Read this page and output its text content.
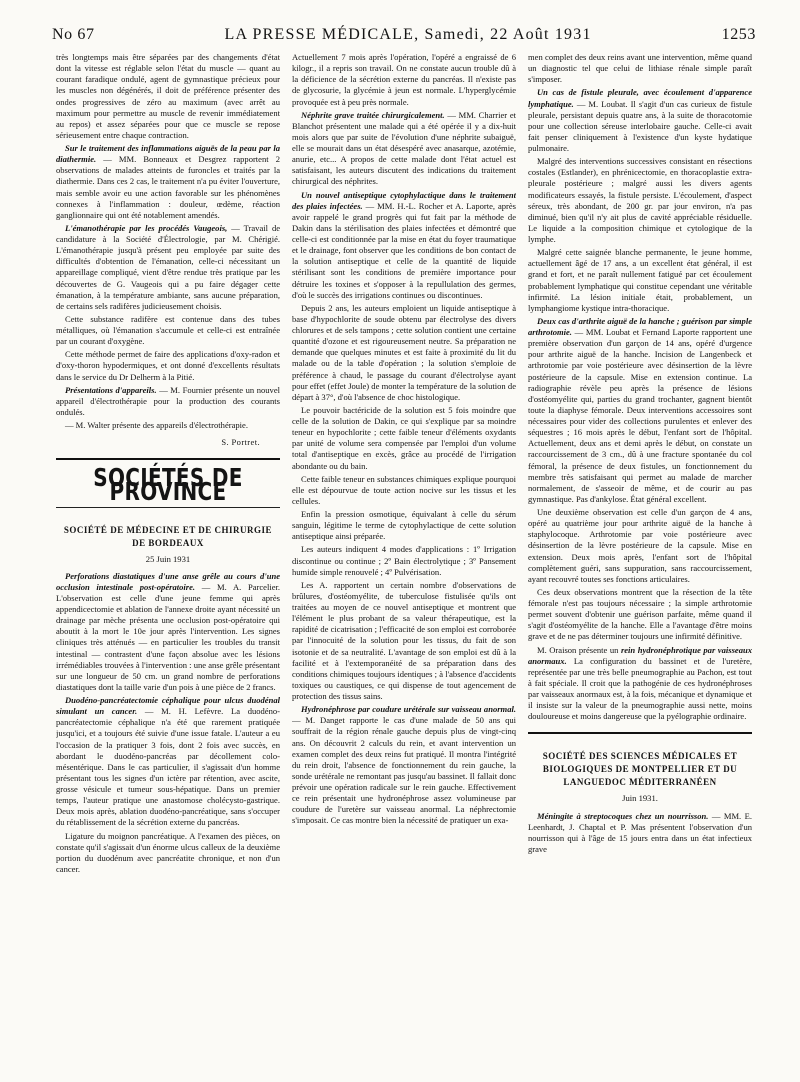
No 67	LA PRESSE MÉDICALE, Samedi, 22 Août 1931	1253

très longtemps mais être séparées par des changements d'état dont la vitesse est réglable selon l'état du muscle — quant au courant faradique ondulé, agent de gymnastique précieux pour les muscles non dégénérés, il doit de préférence présenter des ondes progressives de zéro au maximum (avec arrêt au maximum pour permettre au muscle de revenir immédiatement au repos) et assez séparées pour que ce muscle se repose sérieusement entre chaque contraction.

Sur le traitement des inflammations aiguës de la peau par la diathermie. — MM. Bonneaux et Desgrez rapportent 2 observations de malades atteints de furoncles et traités par la diathermie. Dans ces 2 cas, le traitement n'a pu éviter l'ouverture, mais semble avoir eu une action favorable sur les phénomènes connexes à l'inflammation : douleur, œdème, réaction ganglionnaire qui ont été notablement amendés.

L'émanothérapie par les procédés Vaugeois, — Travail de candidature à la Société d'Électrologie, par M. Chérigié. L'émanothérapie jusqu'à présent peu employée par suite des difficultés d'obtention de l'émanation, celle-ci nécessitant un appareillage compliqué, vient d'être rendue très pratique par les découvertes de G. Vaugeois qui a pu faire dégager cette émanation, à la température ambiante, sans aucune préparation, de certains sels radifères judicieusement choisis.

Cette substance radifère est contenue dans des tubes métalliques, où l'émanation s'accumule et celle-ci est entraînée par un courant d'oxygène.

Cette méthode permet de faire des applications d'oxy-radon et d'oxy-thoron hypodermiques, et ont donné d'excellents résultats dans le service du Dr Delherm à la Pitié.

Présentations d'appareils. — M. Fournier présente un nouvel appareil d'électrothérapie pour la production des courants ondulés.

— M. Walter présente des appareils d'électrothérapie.

S. Portret.
SOCIÉTÉS DE PROVINCE
SOCIÉTÉ DE MÉDECINE ET DE CHIRURGIE DE BORDEAUX
25 Juin 1931

Perforations diastatiques d'une anse grêle au cours d'une occlusion intestinale post-opératoire. — M. A. Parcelier. L'observation est celle d'une jeune femme qui après appendicectomie et ablation de l'annexe droite ayant nécessité un drainage par mèche présenta une occlusion post-opératoire qui aboutit à la mort le 10e jour après l'intervention. Les signes cliniques très atténués — en particulier les troubles du transit intestinal — contrastent d'une façon absolue avec les lésions irrémédiables trouvées à l'intervention : une anse grêle présentant sur une longueur de 50 cm. un grand nombre de perforations diastatiques dont la taille varie d'un pois à une pièce de 2 francs.

Duodéno-pancréatectomie céphalique pour ulcus duodénal simulant un cancer. — M. H. Lefèvre. La duodéno-pancréatectomie céphalique n'a été que rarement pratiquée jusqu'ici, et a toujours été suivie d'une issue fatale. L'auteur a eu l'occasion de la pratiquer 3 fois, dont 2 fois avec succès, en abordant le duodéno-pancréas par décollement colo-mésentérique. Dans le cas particulier, il s'agissait d'un homme présentant tous les signes d'un ictère par rétention, avec ascite, grosse vésicule et tumeur sous-hépatique. Dans un premier temps, l'auteur pratique une anastomose cholécysto-gastrique. Deux mois après, ablation duodéno-pancréatique, sans s'occuper du rétablissement de la sécrétion externe du pancréas.

Ligature du moignon pancréatique. A l'examen des pièces, on constate qu'il s'agissait d'un énorme ulcus calleux de la deuxième portion du duodénum avec pancréatite chronique, et non d'un cancer.

Actuellement 7 mois après l'opération, l'opéré a engraissé de 6 kilogr., il a repris son travail. On ne constate aucun trouble dû à la déficience de la sécrétion externe du pancréas. Il n'existe pas de glycosurie, la glycémie à jeun est normale. L'hyperglycémie provoquée est à peu près normale.

Néphrite grave traitée chirurgicalement. — MM. Charrier et Blanchot présentent une malade qui a été opérée il y a dix-huit mois alors que par suite de l'évolution d'une néphrite subaiguë, elle se mourait dans un état désespéré avec anasarque, azotémie, anurie, etc... A propos de cette malade dont l'état actuel est satisfaisant, les auteurs discutent des indications du traitement chirurgical des néphrites.

Un nouvel antiseptique cytophylactique dans le traitement des plaies infectées. — MM. H.-L. Rocher et A. Laporte, après avoir rappelé le grand progrès qui fut fait par la méthode de Dakin dans la stérilisation des plaies infectées et démontré que celle-ci est conditionnée par la mise en état du foyer traumatique et le drainage, font observer que les conditions de bon contact de la solution antiseptique et celle de la quantité de liquide stérilisant sont les conditions de première importance pour détruire les toxines et s'opposer à la repullulation des germes, d'où le succès des irrigations continues ou discontinues.

Depuis 2 ans, les auteurs emploient un liquide antiseptique à base d'hypochlorite de soude obtenu par électrolyse des divers chlorures et de sels tampons ; cette solution contient une certaine quantité d'ozone et est rigoureusement neutre. Sa préparation ne demande que quelques minutes et est faite à proximité du lit du malade ou de la table d'opération ; la solution s'emploie de préférence à chaud, le passage du courant d'électrolyse ayant pour effet (effet Joule) de monter la température de la solution de départ à 37°, d'où l'absence de choc histologique.

Le pouvoir bactéricide de la solution est 5 fois moindre que celle de la solution de Dakin, ce qui s'explique par sa moindre teneur en hypochlorite ; cette faible teneur d'éléments oxydants par unité de volume sera compensée par l'emploi d'un volume total d'antiseptique en excès, grâce au procédé de l'irrigation abondante ou du bain.

Cette faible teneur en substances chimiques explique pourquoi elle est dépourvue de toute action nocive sur les tissus et les cellules.

Enfin la pression osmotique, équivalant à celle du sérum sanguin, légitime le terme de cytophylactique de cette solution antiseptique ainsi préparée.

Les auteurs indiquent 4 modes d'applications : 1º Irrigation discontinue ou continue ; 2º Bain électrolytique ; 3º Pansement humide simple renouvelé ; 4º Pulvérisation.

Les A. rapportent un certain nombre d'observations de brûlures, d'ostéomyélite, de tuberculose fistulisée qu'ils ont traitées au moyen de ce nouvel antiseptique et montrent que l'élément le plus probant de sa valeur thérapeutique, est la rapidité de cicatrisation ; l'efficacité de son emploi est corroborée par l'innocuité de la solution pour les tissus, du fait de son isotonie et de sa neutralité. L'avantage de son emploi est dû à la facilité et à l'extemporanéité de sa préparation dans des conditions chimiques toujours identiques ; à l'absence d'accidents toxiques ou caustiques, ce qui dispense de tout agencement de protection des tissus sains.

Hydronéphrose par coudure urétérale sur vaisseau anormal. — M. Danget rapporte le cas d'une malade de 50 ans qui souffrait de la région rénale gauche depuis plus de vingt-cinq ans. On découvrit 2 calculs du rein, et avant intervention un examen complet des deux reins fut pratiqué. Il montra l'intégrité du rein droit, l'absence de fonctionnement du rein gauche, la sonde urétérale ne remontant pas jusqu'au bassinet. Il fallait donc prévoir une opération radicale sur le rein gauche. Effectivement ce rein présentait une hydronéphrose assez volumineuse par coudure de l'uretère sur vaisseau anormal. La néphrectomie s'imposait. Ce cas montre bien la nécessité de pratiquer un exa-

men complet des deux reins avant une intervention, même quand un diagnostic tel que celui de lithiase rénale simple paraît s'imposer.

Un cas de fistule pleurale, avec écoulement d'apparence lymphatique. — M. Loubat. Il s'agit d'un cas curieux de fistule pleurale, persistant depuis quatre ans, à la suite de thoracotomie pour une collection séreuse interlobaire gauche. Celle-ci avait fait penser cliniquement à l'existence d'un kyste hydatique pulmonaire.

Malgré des interventions successives consistant en résections costales (Estlander), en phrénicectomie, en thoracoplastie extra-pleurale postérieure ; malgré aussi les divers agents modificateurs essayés, la fistule persiste. L'écoulement, d'aspect séreux, très abondant, de 200 gr. par jour environ, n'a pas diminué, bien qu'il n'y ait plus de cavité appréciable résiduelle. Le liquide a la composition chimique et cytologique de la lymphe.

Malgré cette saignée blanche permanente, le jeune homme, actuellement âgé de 17 ans, a un excellent état général, il est grand et fort, et ne paraît nullement fatigué par cet écoulement probablement lymphatique qui constitue cependant une véritable infirmité. La lésion initiale était, probablement, un lymphangiome kystique intra-thoracique.

Deux cas d'arthrite aiguë de la hanche ; guérison par simple arthrotomie. — MM. Loubat et Fernand Laporte rapportent une première observation d'un garçon de 14 ans, opéré d'urgence pour arthrite aiguë de la hanche. Incision de Langenbeck et arthrotomie par voie postérieure avec désinsertion de la lèvre postérieure de la capsule. Mise en extension continue. La radiographie révèle peu après la présence de lésions d'ostéomyélite qui, parties du grand trochanter, gagnent bientôt toute la diaphyse fémorale. Deux interventions accessoires sont nécessaires pour vider des collections purulentes et enlever des séquestres ; 16 mois après le début, l'enfant sort de l'hôpital. Actuellement, deux ans et demi après le début, on constate un raccourcissement de 3 cm., dû à une fracture spontanée du col fémoral, la présence de deux fistules, un fonctionnement du membre très satisfaisant qui permet au malade de marcher normalement, de s'asseoir de même, et de courir au pas gymnastique. Pas d'ankylose. État général excellent.

Une deuxième observation est celle d'un garçon de 4 ans, opéré au quatrième jour pour arthrite aiguë de la hanche à staphylocoque. Arthrotomie par voie postérieure avec désinsertion de la lèvre postérieure de la capsule. Mise en extension. Deux mois après, l'enfant sort de l'hôpital complètement guéri, sans suppuration, sans raccourcissement, ayant recouvré toutes ses fonctions articulaires.

Ces deux observations montrent que la résection de la tête fémorale n'est pas toujours nécessaire ; la simple arthrotomie permet souvent d'obtenir une guérison parfaite, même quand il s'agit d'ostéomyélite de la hanche. Elle a l'avantage d'être moins grave et de ne pas déterminer toujours une infirmité définitive.

M. Oraison présente un rein hydronéphrotique par vaisseaux anormaux. La configuration du bassinet et de l'uretère, représentée par une très belle pneumographie au Pachon, est tout à fait spéciale. Il croit que la pathogénie de ces hydronéphroses par vaisseaux anormaux est, à la fois, mécanique et dynamique et il insiste sur la valeur de la pneumographie aussi nette, moins douloureuse et moins dangereuse que la pyélographie ordinaire.

SOCIÉTÉ DES SCIENCES MÉDICALES ET BIOLOGIQUES DE MONTPELLIER ET DU LANGUEDOC MÉDITERRANÉEN
Juin 1931.

Méningite à streptocoques chez un nourrisson. — MM. E. Leenhardt, J. Chaptal et P. Mas présentent l'observation d'un nourrisson qui à l'âge de 15 jours entra dans un état infectieux grave
